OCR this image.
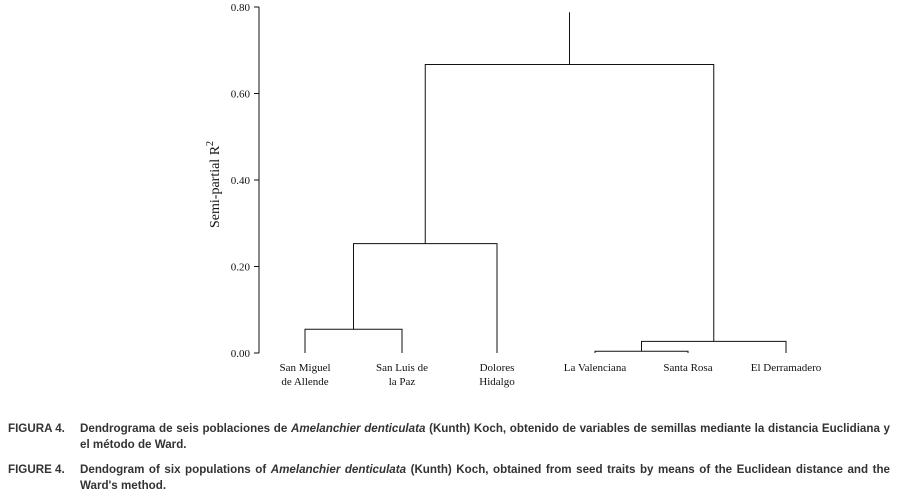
0.00
0.20
0.40
0.60
0.80
San Miguel
de Allende
San Luis de
la Paz
Dolores
Hidalgo
La Valenciana	Santa Rosa	El Derramadero
Semi-partial $R^2$
FIGURA 4. Dendrograma de seis poblaciones de Amelanchier denticulata (Kunth) Koch, obtenido de variables de semillas mediante la distancia Euclidiana y el método de Ward.
FIGURE 4. Dendogram of six populations of Amelanchier denticulata (Kunth) Koch, obtained from seed traits by means of the Euclidean distance and the Ward's method.
